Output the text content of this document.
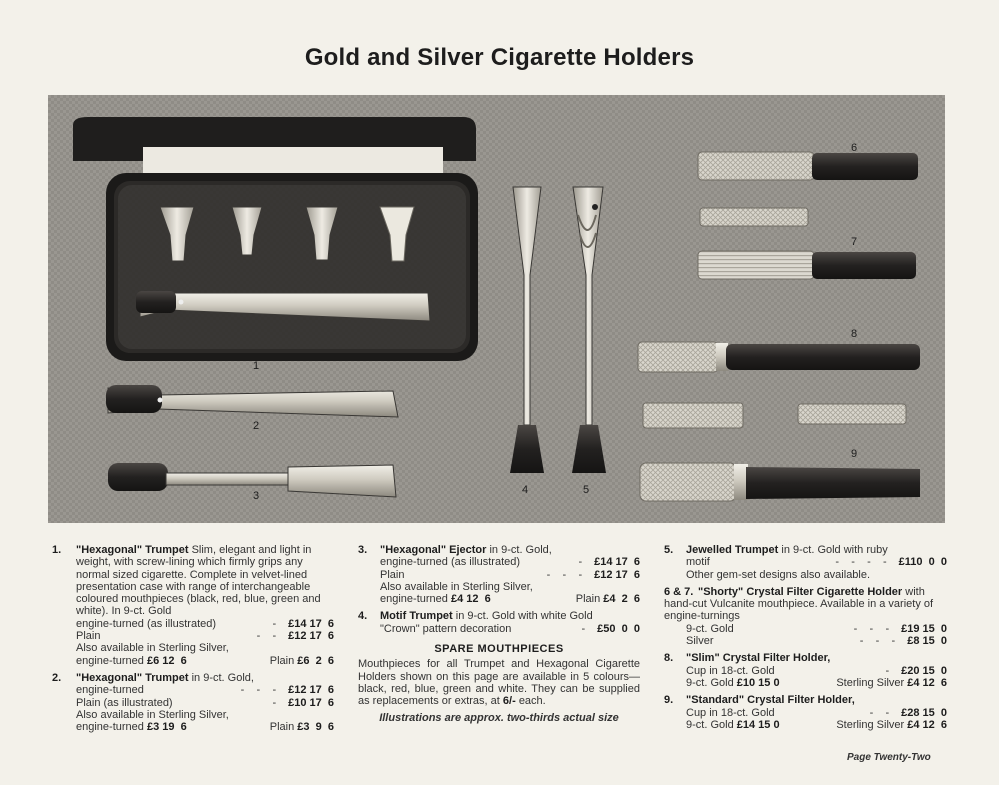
Gold and Silver Cigarette Holders
1
2
3	4	5
6
7
8
9
1. "Hexagonal" Trumpet Slim, elegant and light in weight, with screw-lining which firmly grips any normal sized cigarette. Complete in velvet-lined presentation case with range of interchangeable coloured mouthpieces (black, red, blue, green and white). In 9-ct. Gold
engine-turned (as illustrated)	- £14 17  6
Plain	-    - £12 17  6
Also available in Sterling Silver,
engine-turned £6 12  6	Plain £6  2  6
2. "Hexagonal" Trumpet in 9-ct. Gold,
engine-turned	-    -    - £12 17  6
Plain (as illustrated)	- £10 17  6
Also available in Sterling Silver,
engine-turned £3 19  6	Plain £3  9  6
3. "Hexagonal" Ejector in 9-ct. Gold,
engine-turned (as illustrated)	- £14 17  6
Plain	-    -    - £12 17  6
Also available in Sterling Silver,
engine-turned £4 12  6	Plain £4  2  6
4. Motif Trumpet in 9-ct. Gold with white Gold
"Crown" pattern decoration	- £50  0  0
SPARE MOUTHPIECES
Mouthpieces for all Trumpet and Hexagonal Cigarette Holders shown on this page are available in 5 colours—black, red, blue, green and white. They can be supplied as replacements or extras, at 6/- each.
Illustrations are approx. two-thirds actual size
5. Jewelled Trumpet in 9-ct. Gold with ruby
motif	-    -    -    - £110  0  0
Other gem-set designs also available.
6 & 7. "Shorty" Crystal Filter Cigarette Holder with hand-cut Vulcanite mouthpiece. Available in a variety of engine-turnings
9-ct. Gold	-    -    - £19 15  0
Silver	-    -    - £8 15  0
8. "Slim" Crystal Filter Holder,
Cup in 18-ct. Gold	- £20 15  0
9-ct. Gold £10 15 0	Sterling Silver £4 12  6
9. "Standard" Crystal Filter Holder,
Cup in 18-ct. Gold	-    - £28 15  0
9-ct. Gold £14 15 0	Sterling Silver £4 12  6
Page Twenty-Two
